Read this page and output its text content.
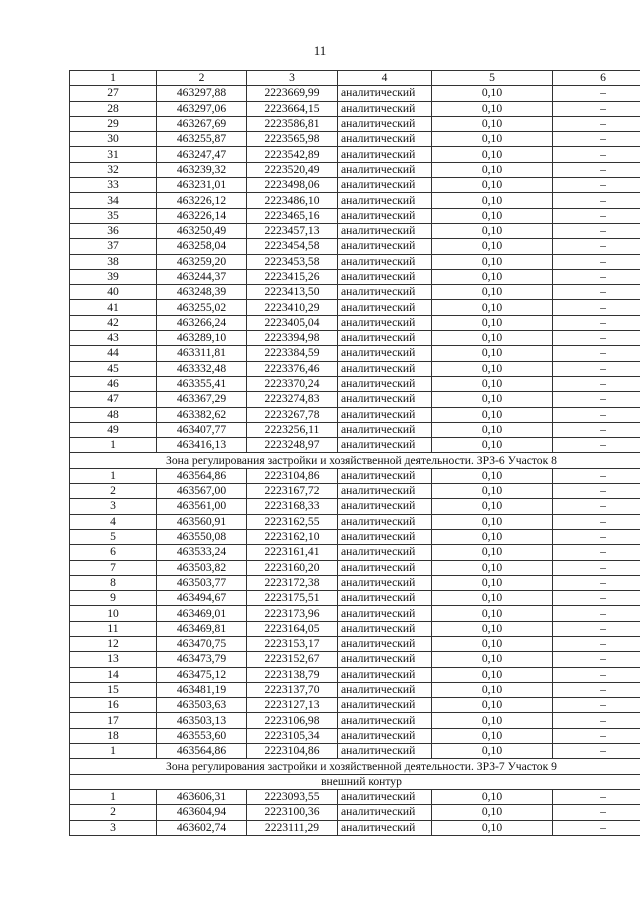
11
1	2	3	4	5	6
27	463297,88	2223669,99	аналитический	0,10	–
28	463297,06	2223664,15	аналитический	0,10	–
29	463267,69	2223586,81	аналитический	0,10	–
30	463255,87	2223565,98	аналитический	0,10	–
31	463247,47	2223542,89	аналитический	0,10	–
32	463239,32	2223520,49	аналитический	0,10	–
33	463231,01	2223498,06	аналитический	0,10	–
34	463226,12	2223486,10	аналитический	0,10	–
35	463226,14	2223465,16	аналитический	0,10	–
36	463250,49	2223457,13	аналитический	0,10	–
37	463258,04	2223454,58	аналитический	0,10	–
38	463259,20	2223453,58	аналитический	0,10	–
39	463244,37	2223415,26	аналитический	0,10	–
40	463248,39	2223413,50	аналитический	0,10	–
41	463255,02	2223410,29	аналитический	0,10	–
42	463266,24	2223405,04	аналитический	0,10	–
43	463289,10	2223394,98	аналитический	0,10	–
44	463311,81	2223384,59	аналитический	0,10	–
45	463332,48	2223376,46	аналитический	0,10	–
46	463355,41	2223370,24	аналитический	0,10	–
47	463367,29	2223274,83	аналитический	0,10	–
48	463382,62	2223267,78	аналитический	0,10	–
49	463407,77	2223256,11	аналитический	0,10	–
1	463416,13	2223248,97	аналитический	0,10	–
Зона регулирования застройки и хозяйственной деятельности. ЗРЗ-6 Участок 8					
1	463564,86	2223104,86	аналитический	0,10	–
2	463567,00	2223167,72	аналитический	0,10	–
3	463561,00	2223168,33	аналитический	0,10	–
4	463560,91	2223162,55	аналитический	0,10	–
5	463550,08	2223162,10	аналитический	0,10	–
6	463533,24	2223161,41	аналитический	0,10	–
7	463503,82	2223160,20	аналитический	0,10	–
8	463503,77	2223172,38	аналитический	0,10	–
9	463494,67	2223175,51	аналитический	0,10	–
10	463469,01	2223173,96	аналитический	0,10	–
11	463469,81	2223164,05	аналитический	0,10	–
12	463470,75	2223153,17	аналитический	0,10	–
13	463473,79	2223152,67	аналитический	0,10	–
14	463475,12	2223138,79	аналитический	0,10	–
15	463481,19	2223137,70	аналитический	0,10	–
16	463503,63	2223127,13	аналитический	0,10	–
17	463503,13	2223106,98	аналитический	0,10	–
18	463553,60	2223105,34	аналитический	0,10	–
1	463564,86	2223104,86	аналитический	0,10	–
Зона регулирования застройки и хозяйственной деятельности. ЗРЗ-7 Участок 9					
внешний контур					
1	463606,31	2223093,55	аналитический	0,10	–
2	463604,94	2223100,36	аналитический	0,10	–
3	463602,74	2223111,29	аналитический	0,10	–
